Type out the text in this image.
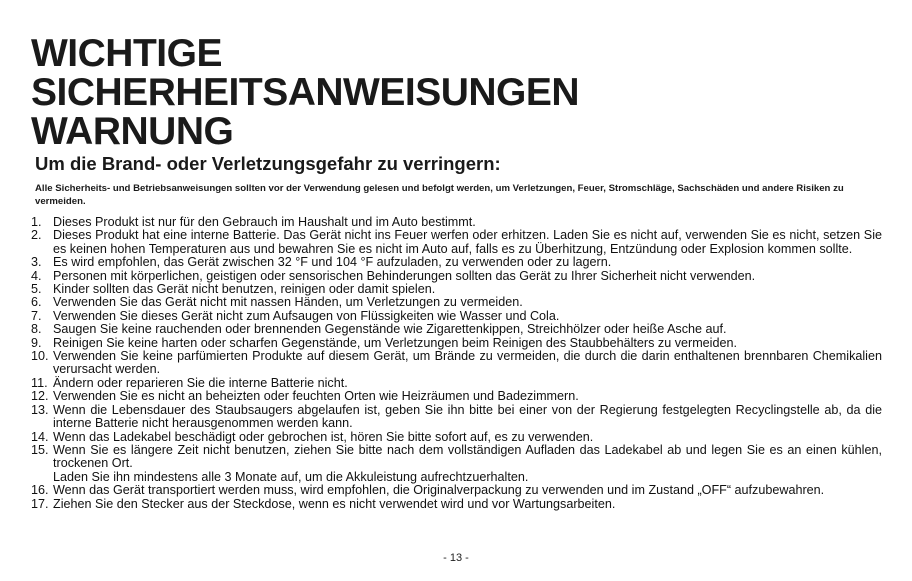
WICHTIGE
SICHERHEITSANWEISUNGEN
WARNUNG
Um die Brand- oder Verletzungsgefahr zu verringern:
Alle Sicherheits- und Betriebsanweisungen sollten vor der Verwendung gelesen und befolgt werden, um Verletzungen, Feuer, Stromschläge, Sachschäden und andere Risiken zu vermeiden.
1. Dieses Produkt ist nur für den Gebrauch im Haushalt und im Auto bestimmt.
2. Dieses Produkt hat eine interne Batterie. Das Gerät nicht ins Feuer werfen oder erhitzen. Laden Sie es nicht auf, verwenden Sie es nicht, setzen Sie es keinen hohen Temperaturen aus und bewahren Sie es nicht im Auto auf, falls es zu Überhitzung, Entzündung oder Explosion kommen sollte.
3. Es wird empfohlen, das Gerät zwischen 32 °F und 104 °F aufzuladen, zu verwenden oder zu lagern.
4. Personen mit körperlichen, geistigen oder sensorischen Behinderungen sollten das Gerät zu Ihrer Sicherheit nicht verwenden.
5. Kinder sollten das Gerät nicht benutzen, reinigen oder damit spielen.
6. Verwenden Sie das Gerät nicht mit nassen Händen, um Verletzungen zu vermeiden.
7. Verwenden Sie dieses Gerät nicht zum Aufsaugen von Flüssigkeiten wie Wasser und Cola.
8. Saugen Sie keine rauchenden oder brennenden Gegenstände wie Zigarettenkippen, Streichhölzer oder heiße Asche auf.
9. Reinigen Sie keine harten oder scharfen Gegenstände, um Verletzungen beim Reinigen des Staubbehälters zu vermeiden.
10. Verwenden Sie keine parfümierten Produkte auf diesem Gerät, um Brände zu vermeiden, die durch die darin enthaltenen brennbaren Chemikalien verursacht werden.
11. Ändern oder reparieren Sie die interne Batterie nicht.
12. Verwenden Sie es nicht an beheizten oder feuchten Orten wie Heizräumen und Badezimmern.
13. Wenn die Lebensdauer des Staubsaugers abgelaufen ist, geben Sie ihn bitte bei einer von der Regierung festgelegten Recyclingstelle ab, da die interne Batterie nicht herausgenommen werden kann.
14. Wenn das Ladekabel beschädigt oder gebrochen ist, hören Sie bitte sofort auf, es zu verwenden.
15. Wenn Sie es längere Zeit nicht benutzen, ziehen Sie bitte nach dem vollständigen Aufladen das Ladekabel ab und legen Sie es an einen kühlen, trockenen Ort.
Laden Sie ihn mindestens alle 3 Monate auf, um die Akkuleistung aufrechtzuerhalten.
16. Wenn das Gerät transportiert werden muss, wird empfohlen, die Originalverpackung zu verwenden und im Zustand „OFF“ aufzubewahren.
17. Ziehen Sie den Stecker aus der Steckdose, wenn es nicht verwendet wird und vor Wartungsarbeiten.
- 13 -
